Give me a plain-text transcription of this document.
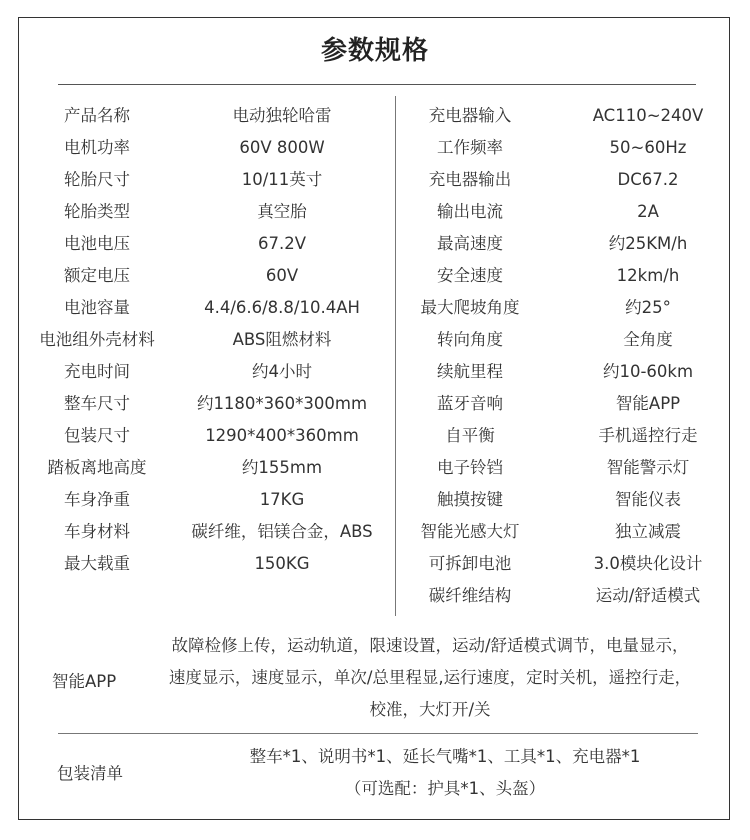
参数规格
产品名称	电动独轮哈雷	充电器输入	AC110~240V
电机功率	60V 800W	工作频率	50~60Hz
轮胎尺寸	10/11英寸	充电器输出	DC67.2
轮胎类型	真空胎	输出电流	2A
电池电压	67.2V	最高速度	约25KM/h
额定电压	60V	安全速度	12km/h
电池容量	4.4/6.6/8.8/10.4AH	最大爬坡角度	约25°
电池组外壳材料	ABS阻燃材料	转向角度	全角度
充电时间	约4小时	续航里程	约10-60km
整车尺寸	约1180*360*300mm	蓝牙音响	智能APP
包装尺寸	1290*400*360mm	自平衡	手机遥控行走
踏板离地高度	约155mm	电子铃铛	智能警示灯
车身净重	17KG	触摸按键	智能仪表
车身材料	碳纤维，铝镁合金，ABS	智能光感大灯	独立减震
最大载重	150KG	可拆卸电池	3.0模块化设计
碳纤维结构	运动/舒适模式
智能APP
故障检修上传，运动轨道，限速设置，运动/舒适模式调节，电量显示，
速度显示，速度显示，单次/总里程显,运行速度，定时关机，遥控行走，
校准，大灯开/关
包装清单
整车*1、说明书*1、延长气嘴*1、工具*1、充电器*1
（可选配：护具*1、头盔）
